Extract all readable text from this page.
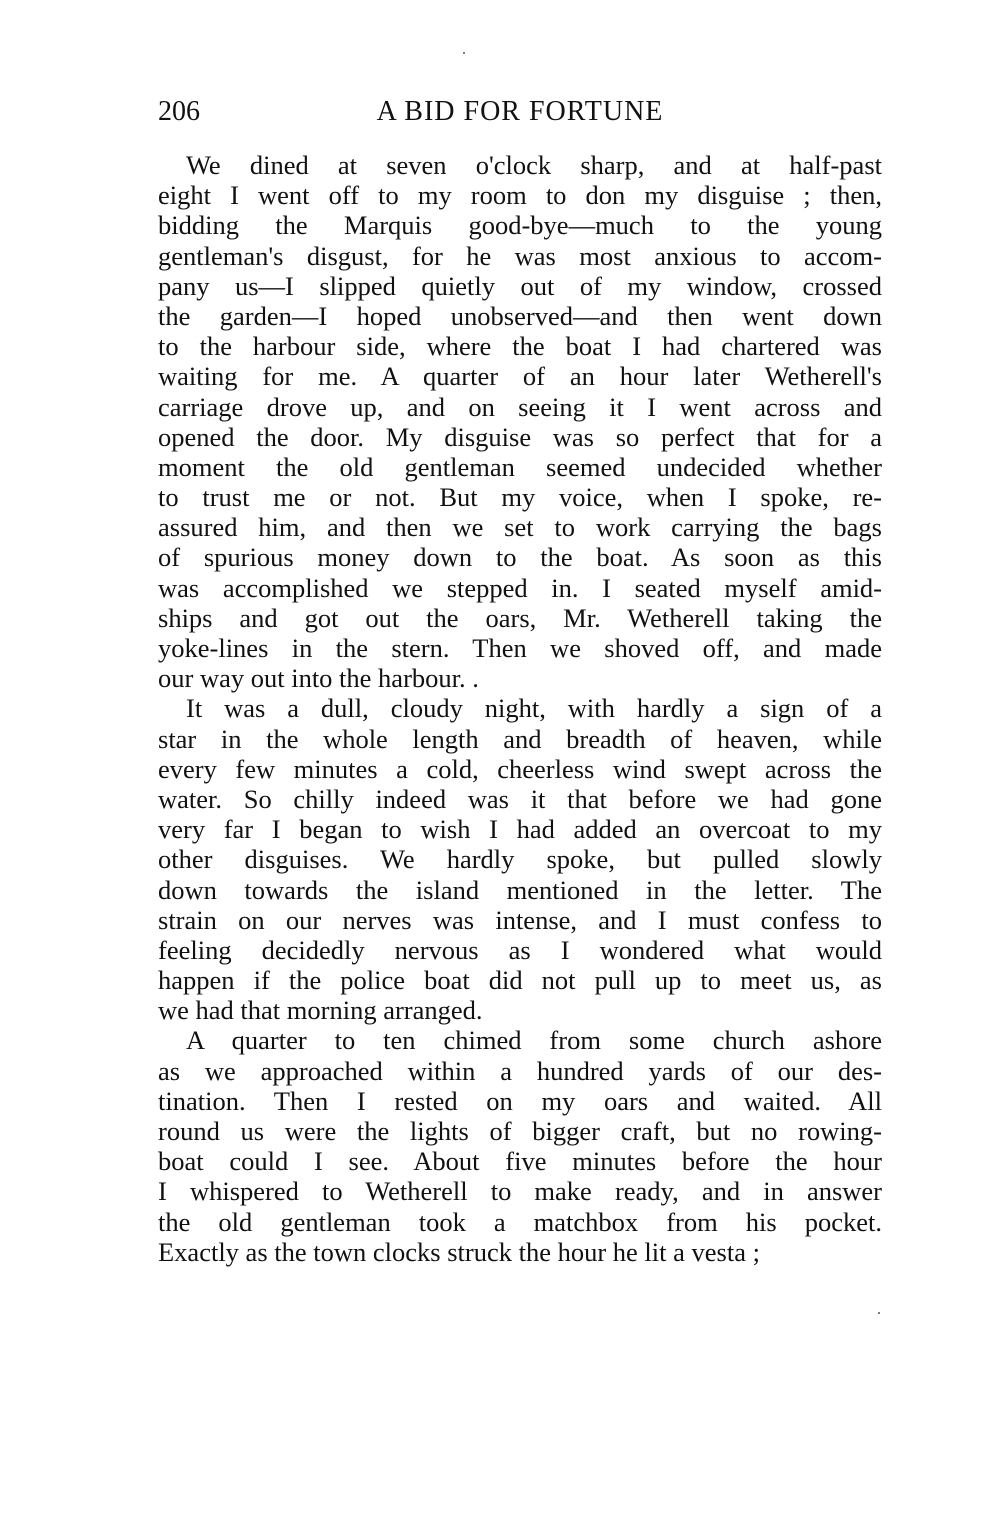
206	A BID FOR FORTUNE
We dined at seven o'clock sharp, and at half-past
eight I went off to my room to don my disguise ; then,
bidding the Marquis good-bye—much to the young
gentleman's disgust, for he was most anxious to accom-
pany us—I slipped quietly out of my window, crossed
the garden—I hoped unobserved—and then went down
to the harbour side, where the boat I had chartered was
waiting for me. A quarter of an hour later Wetherell's
carriage drove up, and on seeing it I went across and
opened the door. My disguise was so perfect that for a
moment the old gentleman seemed undecided whether
to trust me or not. But my voice, when I spoke, re-
assured him, and then we set to work carrying the bags
of spurious money down to the boat. As soon as this
was accomplished we stepped in. I seated myself amid-
ships and got out the oars, Mr. Wetherell taking the
yoke-lines in the stern. Then we shoved off, and made
our way out into the harbour. .
It was a dull, cloudy night, with hardly a sign of a
star in the whole length and breadth of heaven, while
every few minutes a cold, cheerless wind swept across the
water. So chilly indeed was it that before we had gone
very far I began to wish I had added an overcoat to my
other disguises. We hardly spoke, but pulled slowly
down towards the island mentioned in the letter. The
strain on our nerves was intense, and I must confess to
feeling decidedly nervous as I wondered what would
happen if the police boat did not pull up to meet us, as
we had that morning arranged.
A quarter to ten chimed from some church ashore
as we approached within a hundred yards of our des-
tination. Then I rested on my oars and waited. All
round us were the lights of bigger craft, but no rowing-
boat could I see. About five minutes before the hour
I whispered to Wetherell to make ready, and in answer
the old gentleman took a matchbox from his pocket.
Exactly as the town clocks struck the hour he lit a vesta ;
